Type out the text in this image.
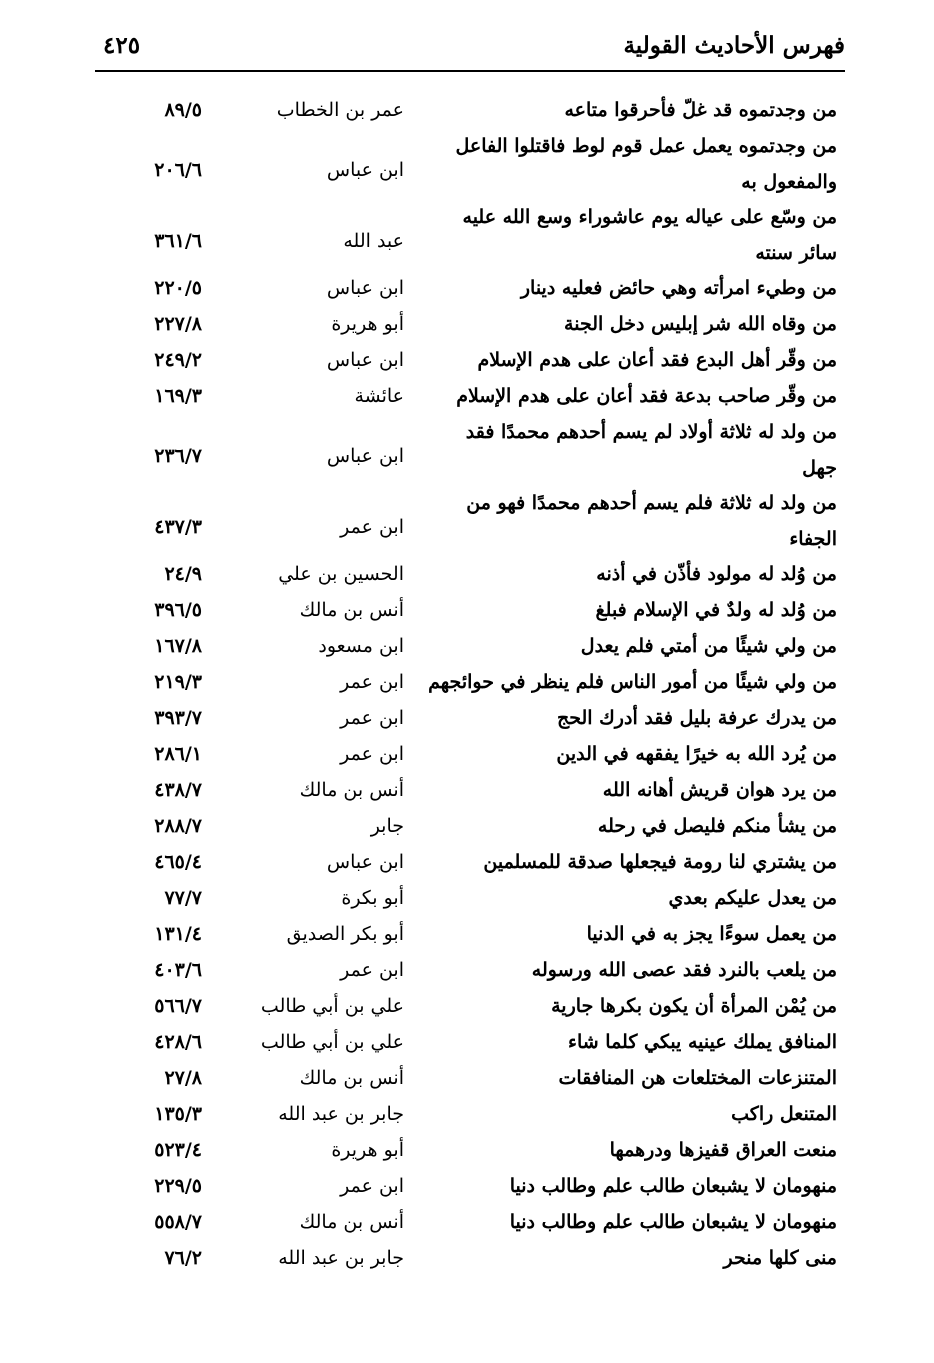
فهرس الأحاديث القولية
٤٢٥
من وجدتموه قد غلّ فأحرقوا متاعه
عمر بن الخطاب
٨٩/٥
من وجدتموه يعمل عمل قوم لوط فاقتلوا الفاعل والمفعول به
ابن عباس
٢٠٦/٦
من وسّع على عياله يوم عاشوراء وسع الله عليه سائر سنته
عبد الله
٣٦١/٦
من وطيء امرأته وهي حائض فعليه دينار
ابن عباس
٢٢٠/٥
من وقاه الله شر إبليس دخل الجنة
أبو هريرة
٢٢٧/٨
من وقّر أهل البدع فقد أعان على هدم الإسلام
ابن عباس
٢٤٩/٢
من وقّر صاحب بدعة فقد أعان على هدم الإسلام
عائشة
١٦٩/٣
من ولد له ثلاثة أولاد لم يسم أحدهم محمدًا فقد جهل
ابن عباس
٢٣٦/٧
من ولد له ثلاثة فلم يسم أحدهم محمدًا فهو من الجفاء
ابن عمر
٤٣٧/٣
من وُلد له مولود فأذّن في أذنه
الحسين بن علي
٢٤/٩
من وُلد له ولدٌ في الإسلام فبلغ
أنس بن مالك
٣٩٦/٥
من ولي شيئًا من أمتي فلم يعدل
ابن مسعود
١٦٧/٨
من ولي شيئًا من أمور الناس فلم ينظر في حوائجهم
ابن عمر
٢١٩/٣
من يدرك عرفة بليل فقد أدرك الحج
ابن عمر
٣٩٣/٧
من يُرد الله به خيرًا يفقهه في الدين
ابن عمر
٢٨٦/١
من يرد هوان قريش أهانه الله
أنس بن مالك
٤٣٨/٧
من يشأ منكم فليصل في رحله
جابر
٢٨٨/٧
من يشتري لنا رومة فيجعلها صدقة للمسلمين
ابن عباس
٤٦٥/٤
من يعدل عليكم بعدي
أبو بكرة
٧٧/٧
من يعمل سوءًا يجز به في الدنيا
أبو بكر الصديق
١٣١/٤
من يلعب بالنرد فقد عصى الله ورسوله
ابن عمر
٤٠٣/٦
من يُمْن المرأة أن يكون بكرها جارية
علي بن أبي طالب
٥٦٦/٧
المنافق يملك عينيه يبكي كلما شاء
علي بن أبي طالب
٤٢٨/٦
المتنزعات المختلعات هن المنافقات
أنس بن مالك
٢٧/٨
المتنعل راكب
جابر بن عبد الله
١٣٥/٣
منعت العراق قفيزها ودرهمها
أبو هريرة
٥٢٣/٤
منهومان لا يشبعان طالب علم وطالب دنيا
ابن عمر
٢٢٩/٥
منهومان لا يشبعان طالب علم وطالب دنيا
أنس بن مالك
٥٥٨/٧
منى كلها منحر
جابر بن عبد الله
٧٦/٢
